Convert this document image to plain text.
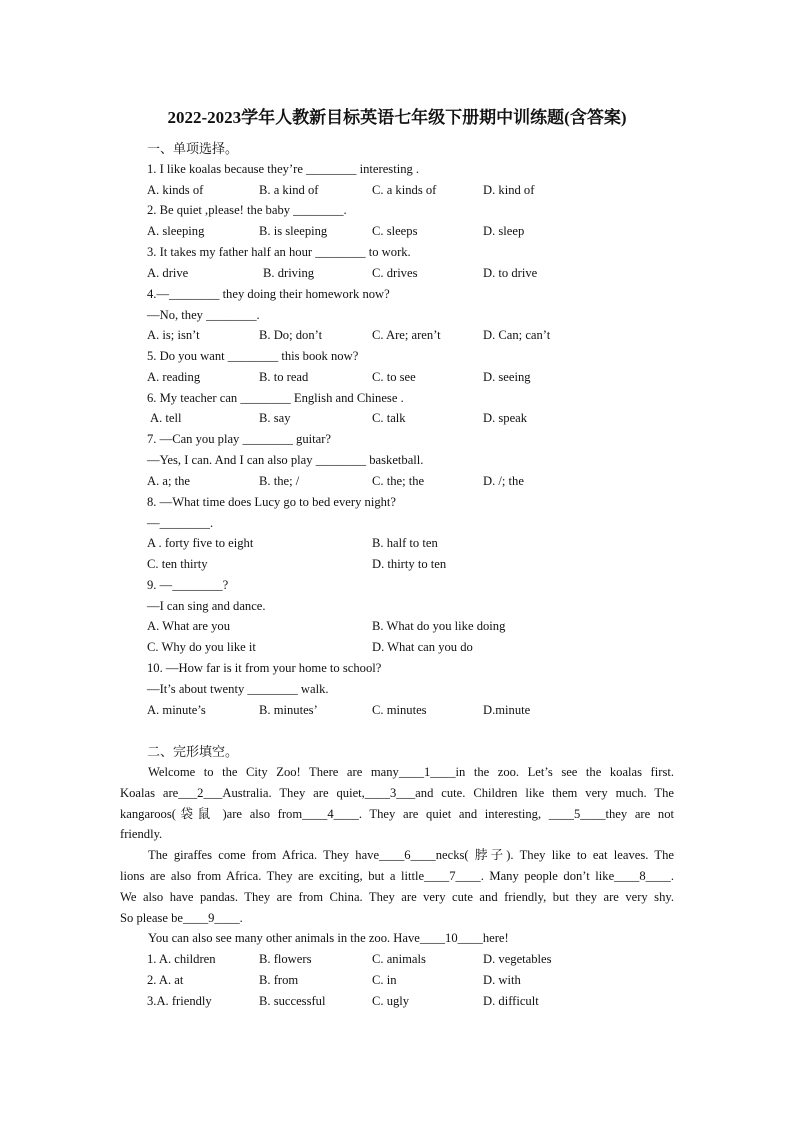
2022-2023学年人教新目标英语七年级下册期中训练题(含答案)
一、单项选择。
1. I like koalas because they’re ________ interesting .
A. kinds of	B. a kind of	C. a kinds of	D. kind of
2. Be quiet ,please! the baby ________.
A. sleeping	B. is sleeping	C. sleeps	D. sleep
3. It takes my father half an hour ________ to work.
A. drive	B. driving	C. drives	D. to drive
4.—________ they doing their homework now?
—No, they ________.
A. is; isn’t	B. Do; don’t	C. Are; aren’t	D. Can; can’t
5. Do you want ________ this book now?
A. reading	B. to read	C. to see	D. seeing
6. My teacher can ________ English and Chinese .
A. tell	B. say	C. talk	D. speak
7. —Can you play ________ guitar?
—Yes, I can. And I can also play ________ basketball.
A. a; the	B. the; /	C. the; the	D. /; the
8. —What time does Lucy go to bed every night?
—________.
A . forty five to eight	B. half to ten
C. ten thirty	D. thirty to ten
9. —________?
—I can sing and dance.
A. What are you	B. What do you like doing
C. Why do you like it	D. What can you do
10. —How far is it from your home to school?
—It’s about twenty ________ walk.
A. minute’s	B. minutes’	C. minutes	D.minute
二、完形填空。
Welcome to the City Zoo! There are many____1____in the zoo. Let’s see the koalas first.
Koalas are___2___Australia. They are quiet,____3___and cute. Children like them very much. The
kangaroos(袋鼠 )are also from____4____. They are quiet and interesting, ____5____they are not
friendly.
The giraffes come from Africa. They have____6____necks( 脖子). They like to eat leaves. The
lions are also from Africa. They are exciting, but a little____7____. Many people don’t like____8____.
We also have pandas. They are from China. They are very cute and friendly, but they are very shy.
So please be____9____.
You can also see many other animals in the zoo. Have____10____here!
1. A. children	B. flowers	C. animals	D. vegetables
2. A. at	B. from	C. in	D. with
3.A. friendly	B. successful	C. ugly	D. difficult
